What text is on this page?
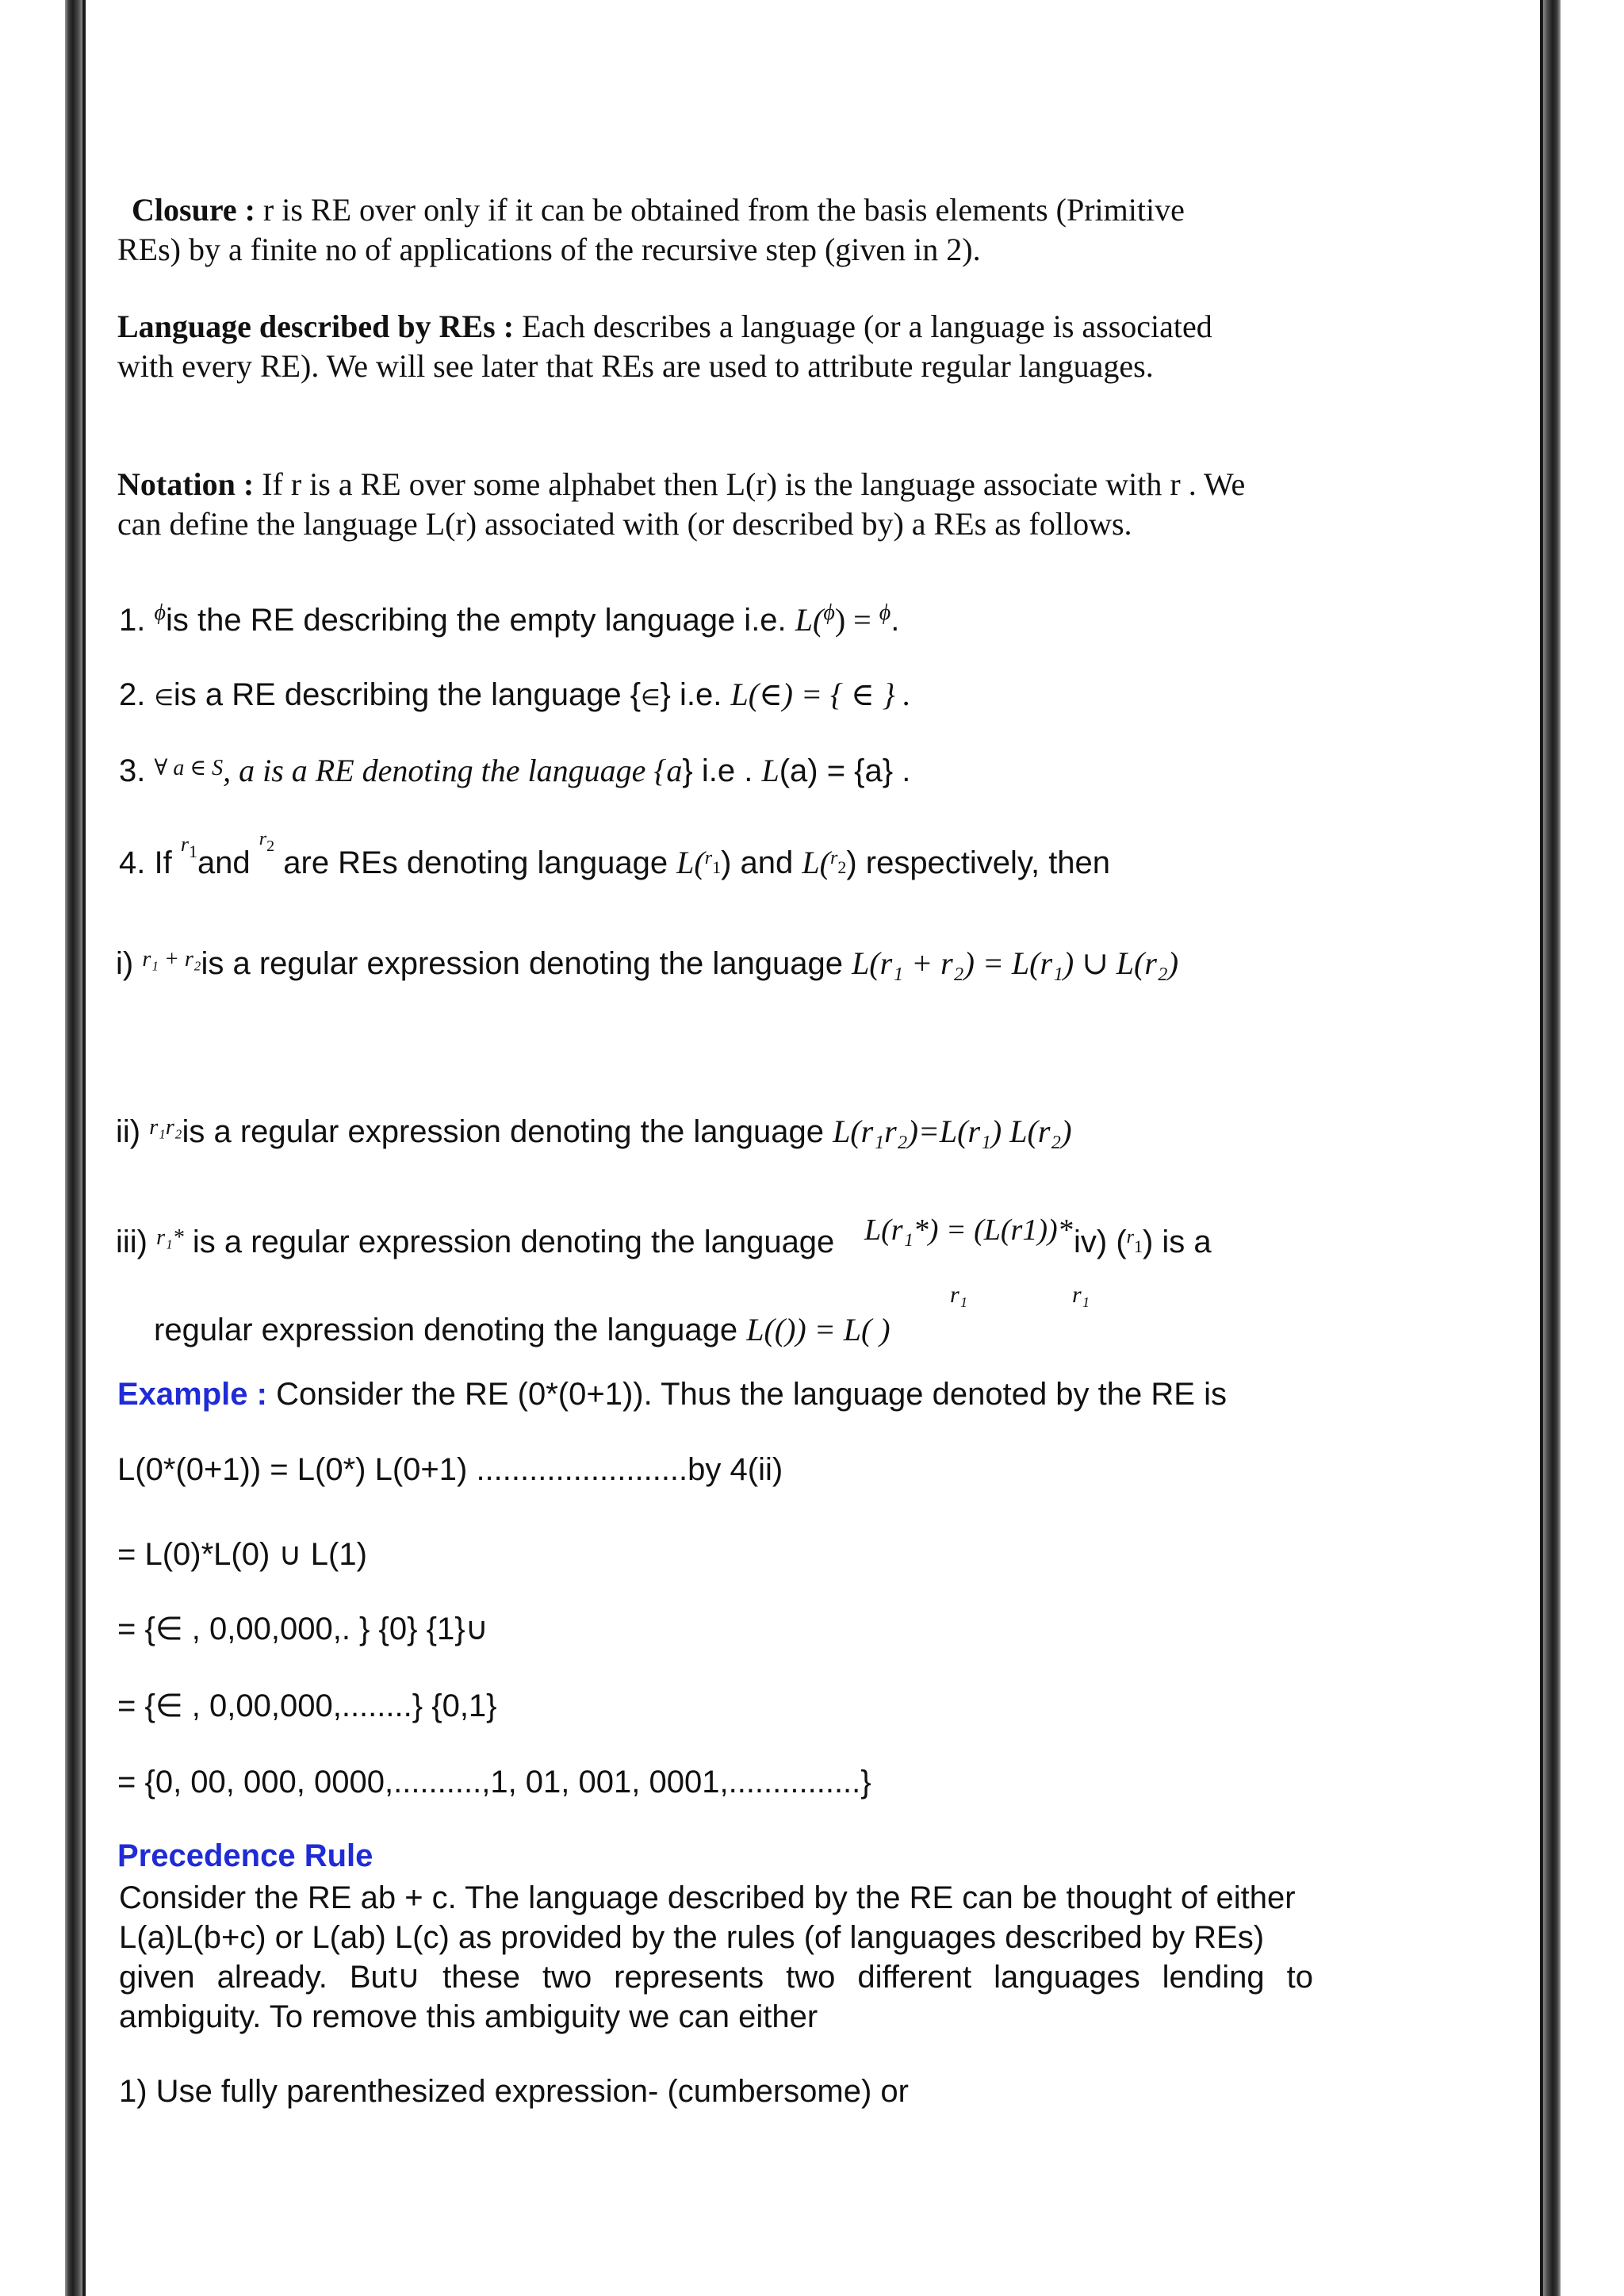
Closure : r is RE over only if it can be obtained from the basis elements (Primitive
REs) by a finite no of applications of the recursive step (given in 2).
Language described by REs : Each describes a language (or a language is associated
with every RE). We will see later that REs are used to attribute regular languages.
Notation : If r is a RE over some alphabet then L(r) is the language associate with r . We
can define the language L(r) associated with (or described by) a REs as follows.
1. $^\phi$is the RE describing the empty language i.e. L($^\phi$) = $^\phi$.
2. ∈is a RE describing the language {∈} i.e. L(∈) = { ∈ } .
3. $^{\forall a \in S}$, a is a RE denoting the language {a} i.e . L(a) = {a} .
4. If $^{r1}$and $^{r2}$ are REs denoting language L($^r$1) and L($^r$2) respectively, then
i) $^{r_1 + r_2}$is a regular expression denoting the language L(r₁ + r₂) = L(r₁) ∪ L(r₂)
ii) $^{r_1r_2}$is a regular expression denoting the language L(r₁r₂)=L(r₁) L(r₂)
iii) $^{r_1*}$ is a regular expression denoting the language L(r₁*) = (L(r1))* iv) ($^r$1) is a
r₁	r₁
regular expression denoting the language L(()) = L( )
Example : Consider the RE (0*(0+1)). Thus the language denoted by the RE is
L(0*(0+1)) = L(0*) L(0+1) ........................by 4(ii)
= L(0)*L(0) ∪ L(1)
= {∈ , 0,00,000,. } {0} {1}∪
= {∈ , 0,00,000,........} {0,1}
= {0, 00, 000, 0000,..........,1, 01, 001, 0001,...............}
Precedence Rule
Consider the RE ab + c. The language described by the RE can be thought of either
L(a)L(b+c) or L(ab) L(c) as provided by the rules (of languages described by REs)
given already. But∪ these two represents two different languages lending to
ambiguity. To remove this ambiguity we can either
1) Use fully parenthesized expression- (cumbersome) or
